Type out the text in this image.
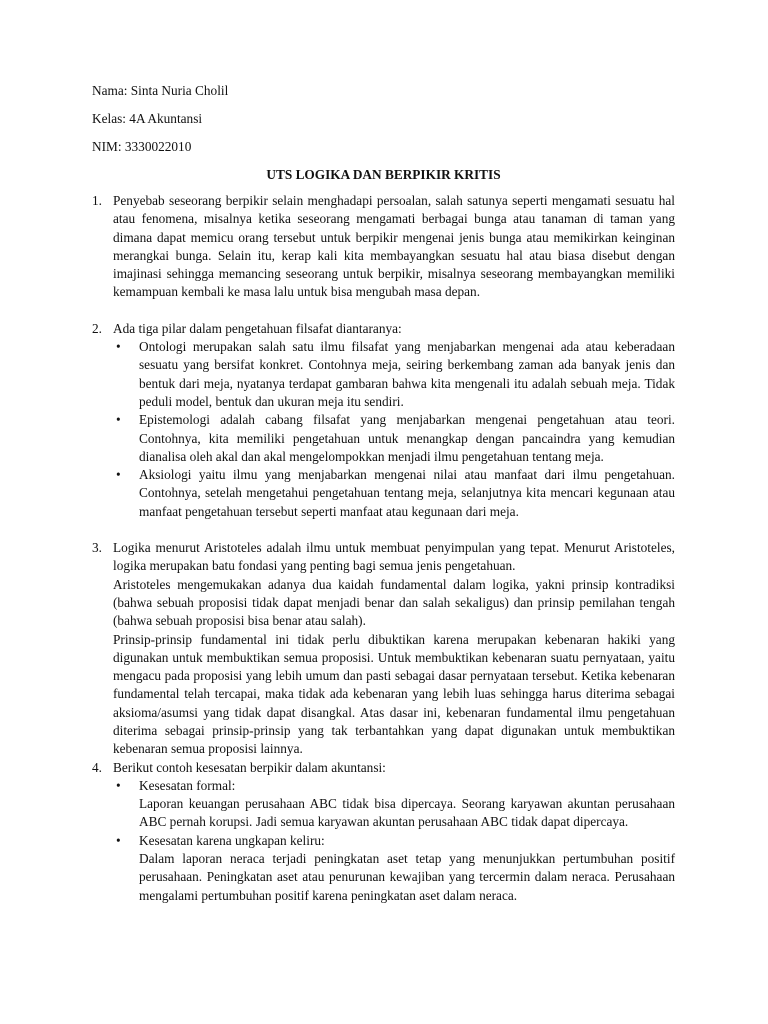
Nama: Sinta Nuria Cholil

Kelas: 4A Akuntansi

NIM: 3330022010

UTS LOGIKA DAN BERPIKIR KRITIS

1. Penyebab seseorang berpikir selain menghadapi persoalan, salah satunya seperti mengamati sesuatu hal atau fenomena, misalnya ketika seseorang mengamati berbagai bunga atau tanaman di taman yang dimana dapat memicu orang tersebut untuk berpikir mengenai jenis bunga atau memikirkan keinginan merangkai bunga. Selain itu, kerap kali kita membayangkan sesuatu hal atau biasa disebut dengan imajinasi sehingga memancing seseorang untuk berpikir, misalnya seseorang membayangkan memiliki kemampuan kembali ke masa lalu untuk bisa mengubah masa depan.

2. Ada tiga pilar dalam pengetahuan filsafat diantaranya:

•	Ontologi merupakan salah satu ilmu filsafat yang menjabarkan mengenai ada atau keberadaan sesuatu yang bersifat konkret. Contohnya meja, seiring berkembang zaman ada banyak jenis dan bentuk dari meja, nyatanya terdapat gambaran bahwa kita mengenali itu adalah sebuah meja. Tidak peduli model, bentuk dan ukuran meja itu sendiri.

•	Epistemologi adalah cabang filsafat yang menjabarkan mengenai pengetahuan atau teori. Contohnya, kita memiliki pengetahuan untuk menangkap dengan pancaindra yang kemudian dianalisa oleh akal dan akal mengelompokkan menjadi ilmu pengetahuan tentang meja.

•	Aksiologi yaitu ilmu yang menjabarkan mengenai nilai atau manfaat dari ilmu pengetahuan. Contohnya, setelah mengetahui pengetahuan tentang meja, selanjutnya kita mencari kegunaan atau manfaat pengetahuan tersebut seperti manfaat atau kegunaan dari meja.

3. Logika menurut Aristoteles adalah ilmu untuk membuat penyimpulan yang tepat. Menurut Aristoteles, logika merupakan batu fondasi yang penting bagi semua jenis pengetahuan.

Aristoteles mengemukakan adanya dua kaidah fundamental dalam logika, yakni prinsip kontradiksi (bahwa sebuah proposisi tidak dapat menjadi benar dan salah sekaligus) dan prinsip pemilahan tengah (bahwa sebuah proposisi bisa benar atau salah).

Prinsip-prinsip fundamental ini tidak perlu dibuktikan karena merupakan kebenaran hakiki yang digunakan untuk membuktikan semua proposisi. Untuk membuktikan kebenaran suatu pernyataan, yaitu mengacu pada proposisi yang lebih umum dan pasti sebagai dasar pernyataan tersebut. Ketika kebenaran fundamental telah tercapai, maka tidak ada kebenaran yang lebih luas sehingga harus diterima sebagai aksioma/asumsi yang tidak dapat disangkal. Atas dasar ini, kebenaran fundamental ilmu pengetahuan diterima sebagai prinsip-prinsip yang tak terbantahkan yang dapat digunakan untuk membuktikan kebenaran semua proposisi lainnya.

4. Berikut contoh kesesatan berpikir dalam akuntansi:

•	Kesesatan formal:

Laporan keuangan perusahaan ABC tidak bisa dipercaya. Seorang karyawan akuntan perusahaan ABC pernah korupsi. Jadi semua karyawan akuntan perusahaan ABC tidak dapat dipercaya.

•	Kesesatan karena ungkapan keliru:

Dalam laporan neraca terjadi peningkatan aset tetap yang menunjukkan pertumbuhan positif perusahaan. Peningkatan aset atau penurunan kewajiban yang tercermin dalam neraca. Perusahaan mengalami pertumbuhan positif karena peningkatan aset dalam neraca.
